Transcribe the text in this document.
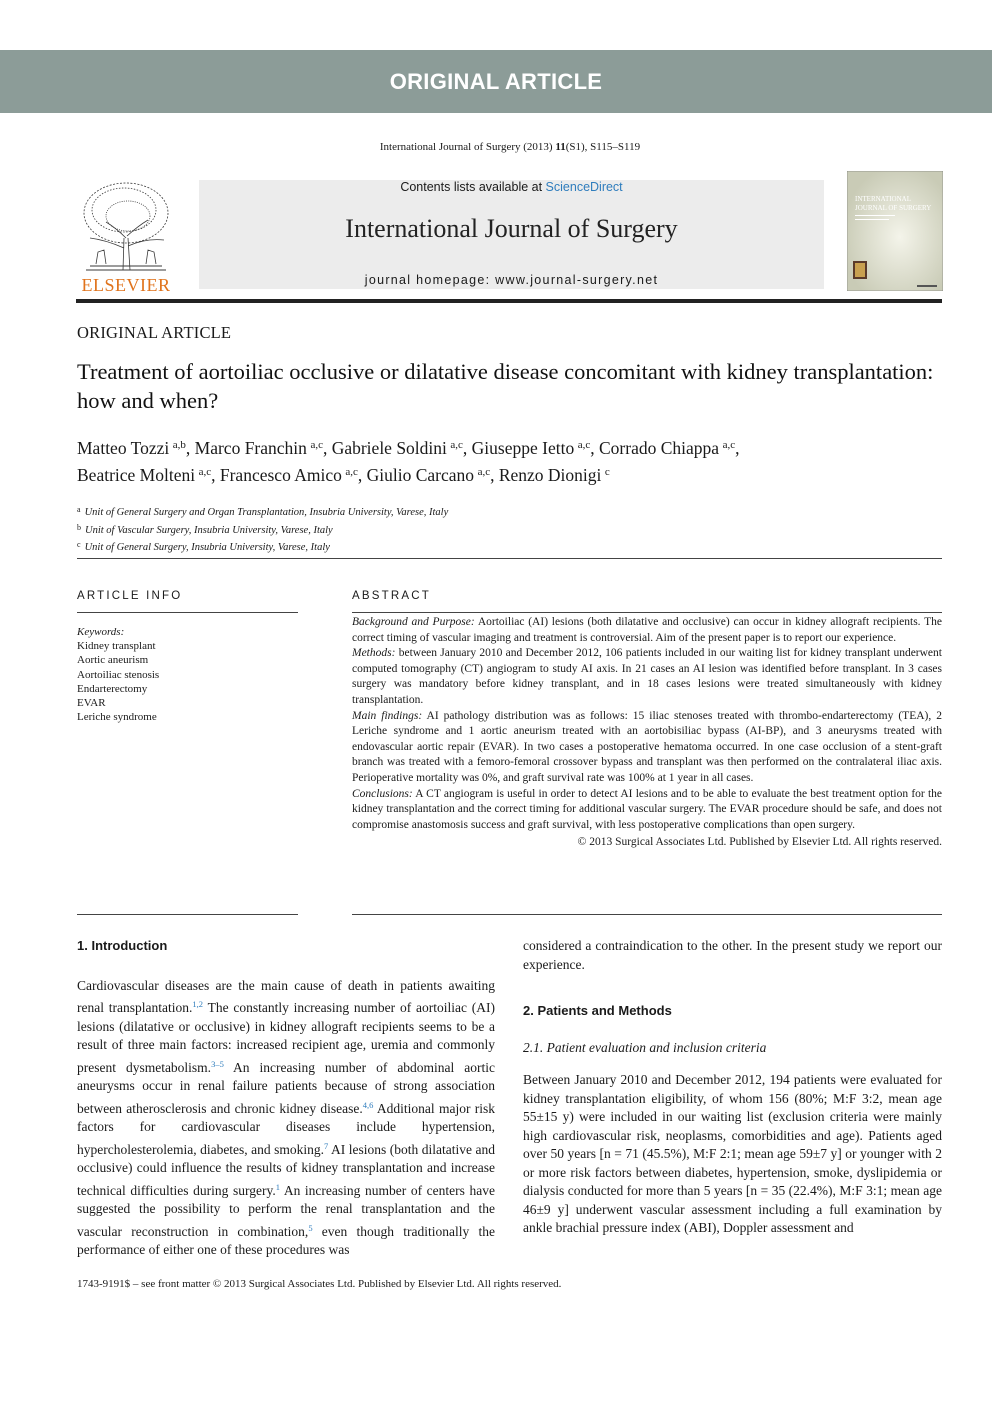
ORIGINAL ARTICLE
International Journal of Surgery (2013) 11(S1), S115–S119
ELSEVIER
Contents lists available at ScienceDirect
International Journal of Surgery
journal homepage: www.journal-surgery.net
INTERNATIONAL
JOURNAL OF SURGERY
ORIGINAL ARTICLE
Treatment of aortoiliac occlusive or dilatative disease concomitant with kidney transplantation: how and when?
Matteo Tozzi  $^{a,b}$, Marco Franchin  $^{a,c}$, Gabriele Soldini  $^{a,c}$, Giuseppe Ietto  $^{a,c}$, Corrado Chiappa  $^{a,c}$,
Beatrice Molteni  $^{a,c}$, Francesco Amico  $^{a,c}$, Giulio Carcano  $^{a,c}$, Renzo Dionigi  $^c$
$^a$ Unit of General Surgery and Organ Transplantation, Insubria University, Varese, Italy
$^b$ Unit of Vascular Surgery, Insubria University, Varese, Italy
$^c$ Unit of General Surgery, Insubria University, Varese, Italy
ARTICLE INFO
Keywords:
Kidney transplant
Aortic aneurism
Aortoiliac stenosis
Endarterectomy
EVAR
Leriche syndrome
ABSTRACT

Background and Purpose: Aortoiliac (AI) lesions (both dilatative and occlusive) can occur in kidney allograft recipients. The correct timing of vascular imaging and treatment is controversial. Aim of the present paper is to report our experience.

Methods: between January 2010 and December 2012, 106 patients included in our waiting list for kidney transplant underwent computed tomography (CT) angiogram to study AI axis. In 21 cases an AI lesion was identified before transplant. In 3 cases surgery was mandatory before kidney transplant, and in 18 cases lesions were treated simultaneously with kidney transplantation.

Main findings: AI pathology distribution was as follows: 15 iliac stenoses treated with thrombo-endarterectomy (TEA), 2 Leriche syndrome and 1 aortic aneurism treated with an aortobisiliac bypass (AI-BP), and 3 aneurysms treated with endovascular aortic repair (EVAR). In two cases a postoperative hematoma occurred. In one case occlusion of a stent-graft branch was treated with a femoro-femoral crossover bypass and transplant was then performed on the contralateral iliac axis. Perioperative mortality was 0%, and graft survival rate was 100% at 1 year in all cases.

Conclusions: A CT angiogram is useful in order to detect AI lesions and to be able to evaluate the best treatment option for the kidney transplantation and the correct timing for additional vascular surgery. The EVAR procedure should be safe, and does not compromise anastomosis success and graft survival, with less postoperative complications than open surgery.

© 2013 Surgical Associates Ltd. Published by Elsevier Ltd. All rights reserved.

1. Introduction

Cardiovascular diseases are the main cause of death in patients awaiting renal transplantation.$^{1,2}$ The constantly increasing number of aortoiliac (AI) lesions (dilatative or occlusive) in kidney allograft recipients seems to be a result of three main factors: increased recipient age, uremia and commonly present dysmetabolism.$^{3-5}$ An increasing number of abdominal aortic aneurysms occur in renal failure patients because of strong association between atherosclerosis and chronic kidney disease.$^{4,6}$ Additional major risk factors for cardiovascular diseases include hypertension, hypercholesterolemia, diabetes, and smoking.$^7$ AI lesions (both dilatative and occlusive) could influence the results of kidney transplantation and increase technical difficulties during surgery.$^1$ An increasing number of centers have suggested the possibility to perform the renal transplantation and the vascular reconstruction in combination,$^5$ even though traditionally the performance of either one of these procedures was

considered a contraindication to the other. In the present study we report our experience.

2. Patients and Methods
2.1. Patient evaluation and inclusion criteria

Between January 2010 and December 2012, 194 patients were evaluated for kidney transplantation eligibility, of whom 156 (80%; M:F 3:2, mean age 55±15 y) were included in our waiting list (exclusion criteria were mainly high cardiovascular risk, neoplasms, comorbidities and age). Patients aged over 50 years [n = 71 (45.5%), M:F 2:1; mean age 59±7 y] or younger with 2 or more risk factors between diabetes, hypertension, smoke, dyslipidemia or dialysis conducted for more than 5 years [n = 35 (22.4%), M:F 3:1; mean age 46±9 y] underwent vascular assessment including a full examination by ankle brachial pressure index (ABI), Doppler assessment and

1743-9191$ – see front matter © 2013 Surgical Associates Ltd. Published by Elsevier Ltd. All rights reserved.
